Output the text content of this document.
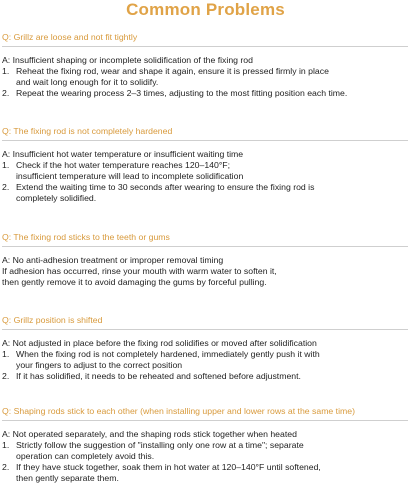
Common Problems
Q: Grillz are loose and not fit tightly
A: Insufficient shaping or incomplete solidification of the fixing rod
1. Reheat the fixing rod, wear and shape it again, ensure it is pressed firmly in place
and wait long enough for it to solidify.
2. Repeat the wearing process 2–3 times, adjusting to the most fitting position each time.
Q: The fixing rod is not completely hardened
A: Insufficient hot water temperature or insufficient waiting time
1. Check if the hot water temperature reaches 120–140°F;
insufficient temperature will lead to incomplete solidification
2. Extend the waiting time to 30 seconds after wearing to ensure the fixing rod is
completely solidified.
Q: The fixing rod sticks to the teeth or gums
A: No anti-adhesion treatment or improper removal timing
If adhesion has occurred, rinse your mouth with warm water to soften it,
then gently remove it to avoid damaging the gums by forceful pulling.
Q: Grillz position is shifted
A: Not adjusted in place before the fixing rod solidifies or moved after solidification
1. When the fixing rod is not completely hardened, immediately gently push it with
your fingers to adjust to the correct position
2. If it has solidified, it needs to be reheated and softened before adjustment.
Q: Shaping rods stick to each other (when installing upper and lower rows at the same time)
A: Not operated separately, and the shaping rods stick together when heated
1. Strictly follow the suggestion of "installing only one row at a time"; separate
operation can completely avoid this.
2. If they have stuck together, soak them in hot water at 120–140°F until softened,
then gently separate them.
